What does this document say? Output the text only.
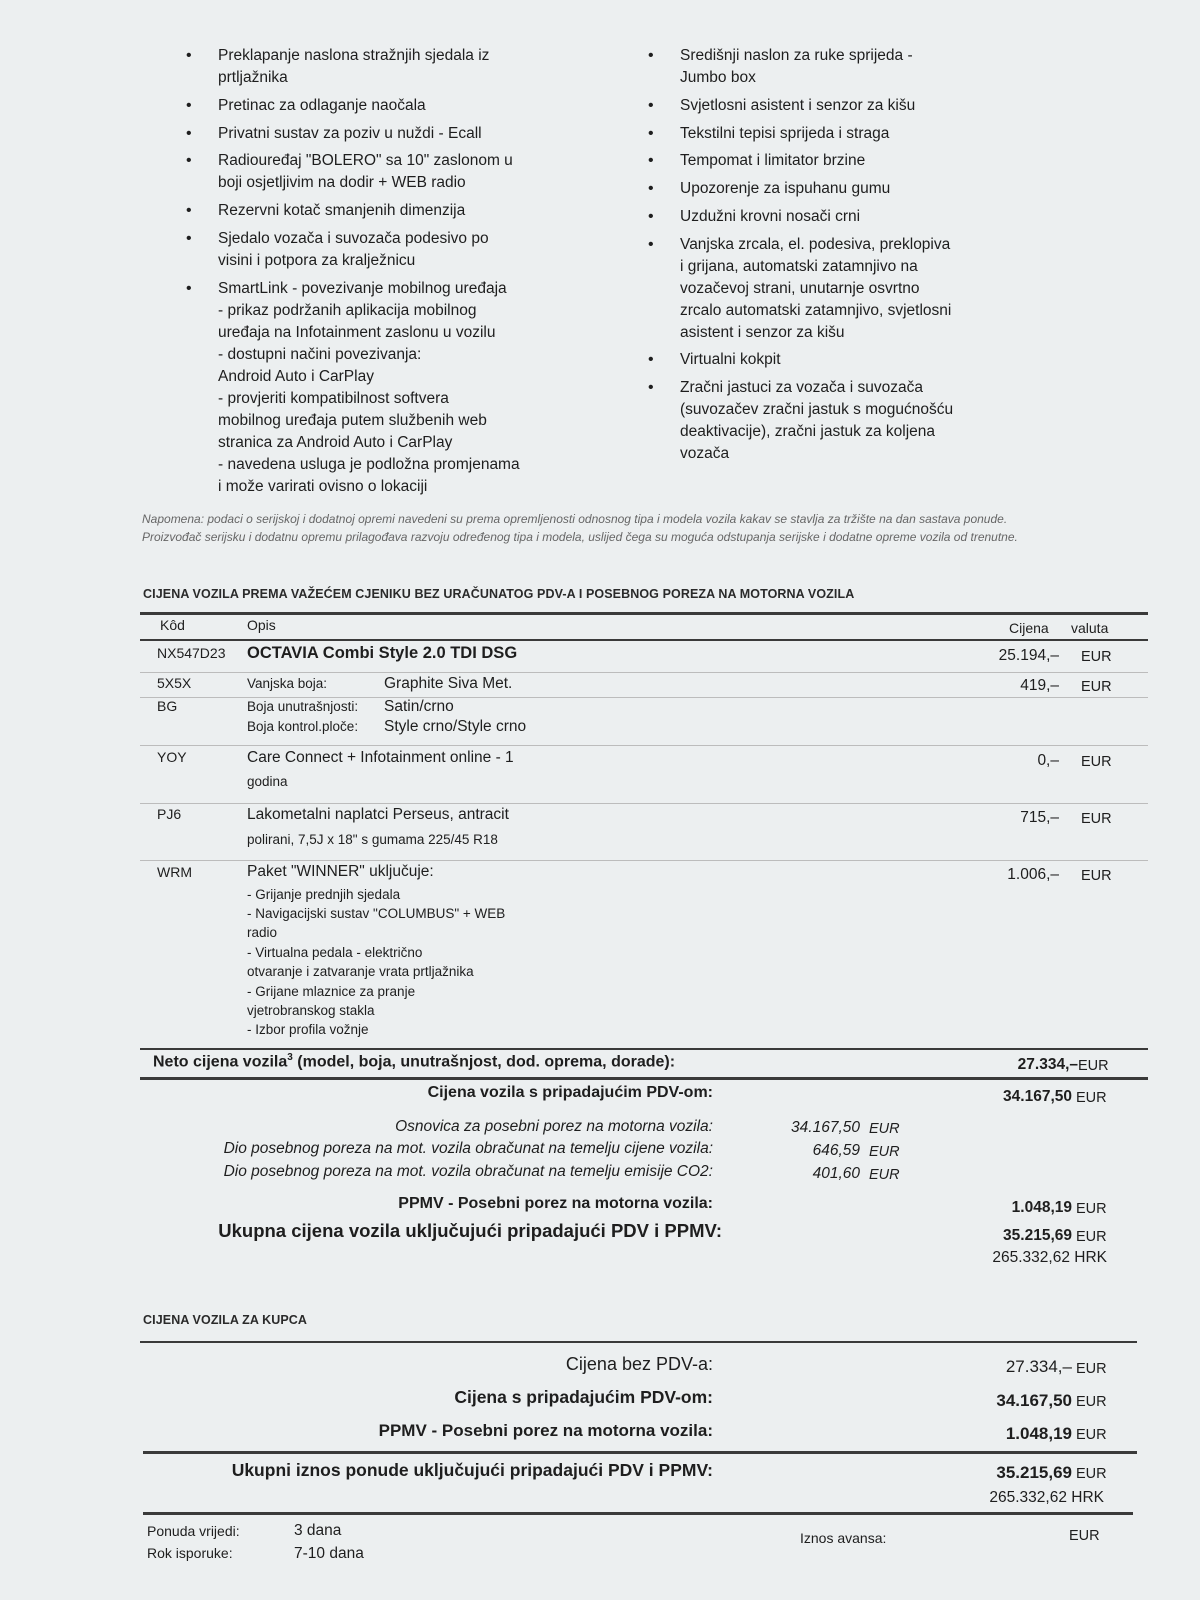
• Preklapanje naslona stražnjih sjedala iz
prtljažnika
• Pretinac za odlaganje naočala
• Privatni sustav za poziv u nuždi - Ecall
• Radiouređaj "BOLERO" sa 10" zaslonom u
boji osjetljivim na dodir + WEB radio
• Rezervni kotač smanjenih dimenzija
• Sjedalo vozača i suvozača podesivo po
visini i potpora za kralježnicu
• SmartLink - povezivanje mobilnog uređaja
- prikaz podržanih aplikacija mobilnog
uređaja na Infotainment zaslonu u vozilu
- dostupni načini povezivanja:
Android Auto i CarPlay
- provjeriti kompatibilnost softvera
mobilnog uređaja putem službenih web
stranica za Android Auto i CarPlay
- navedena usluga je podložna promjenama
i može varirati ovisno o lokaciji
• Središnji naslon za ruke sprijeda -
Jumbo box
• Svjetlosni asistent i senzor za kišu
• Tekstilni tepisi sprijeda i straga
• Tempomat i limitator brzine
• Upozorenje za ispuhanu gumu
• Uzdužni krovni nosači crni
• Vanjska zrcala, el. podesiva, preklopiva
i grijana, automatski zatamnjivo na
vozačevoj strani, unutarnje osvrtno
zrcalo automatski zatamnjivo, svjetlosni
asistent i senzor za kišu
• Virtualni kokpit
• Zračni jastuci za vozača i suvozača
(suvozačev zračni jastuk s mogućnošću
deaktivacije), zračni jastuk za koljena
vozača
Napomena: podaci o serijskoj i dodatnoj opremi navedeni su prema opremljenosti odnosnog tipa i modela vozila kakav se stavlja za tržište na dan sastava ponude.
Proizvođač serijsku i dodatnu opremu prilagođava razvoju određenog tipa i modela, uslijed čega su moguća odstupanja serijske i dodatne opreme vozila od trenutne.
CIJENA VOZILA PREMA VAŽEĆEM CJENIKU BEZ URAČUNATOG PDV-A I POSEBNOG POREZA NA MOTORNA VOZILA
Kôd	Opis	Cijena valuta
NX547D23 OCTAVIA Combi Style 2.0 TDI DSG	25.194,– EUR
5X5X	Vanjska boja:	Graphite Siva Met.	419,– EUR
BG	Boja unutrašnjosti: Satin/crno
Boja kontrol.ploče: Style crno/Style crno
YOY	Care Connect + Infotainment online - 1
godina
0,– EUR
PJ6	Lakometalni naplatci Perseus, antracit
polirani, 7,5J x 18" s gumama 225/45 R18
715,– EUR
WRM	Paket "WINNER" uključuje:
- Grijanje prednjih sjedala
- Navigacijski sustav "COLUMBUS" + WEB
radio
- Virtualna pedala - električno
otvaranje i zatvaranje vrata prtljažnika
- Grijane mlaznice za pranje
vjetrobranskog stakla
- Izbor profila vožnje
1.006,– EUR
Neto cijena vozila$^3$ (model, boja, unutrašnjost, dod. oprema, dorade):	27.334,– EUR
Cijena vozila s pripadajućim PDV-om:	34.167,50 EUR
Osnovica za posebni porez na motorna vozila:	34.167,50 EUR
Dio posebnog poreza na mot. vozila obračunat na temelju cijene vozila:	646,59 EUR
Dio posebnog poreza na mot. vozila obračunat na temelju emisije CO2:	401,60 EUR
PPMV - Posebni porez na motorna vozila:	1.048,19 EUR
Ukupna cijena vozila uključujući pripadajući PDV i PPMV:	35.215,69 EUR
265.332,62 HRK
CIJENA VOZILA ZA KUPCA
Cijena bez PDV-a:	27.334,– EUR
Cijena s pripadajućim PDV-om:	34.167,50 EUR
PPMV - Posebni porez na motorna vozila:	1.048,19 EUR
Ukupni iznos ponude uključujući pripadajući PDV i PPMV:	35.215,69 EUR
265.332,62 HRK
Ponuda vrijedi:	3 dana
Rok isporuke:	7-10 dana
Iznos avansa:	EUR
